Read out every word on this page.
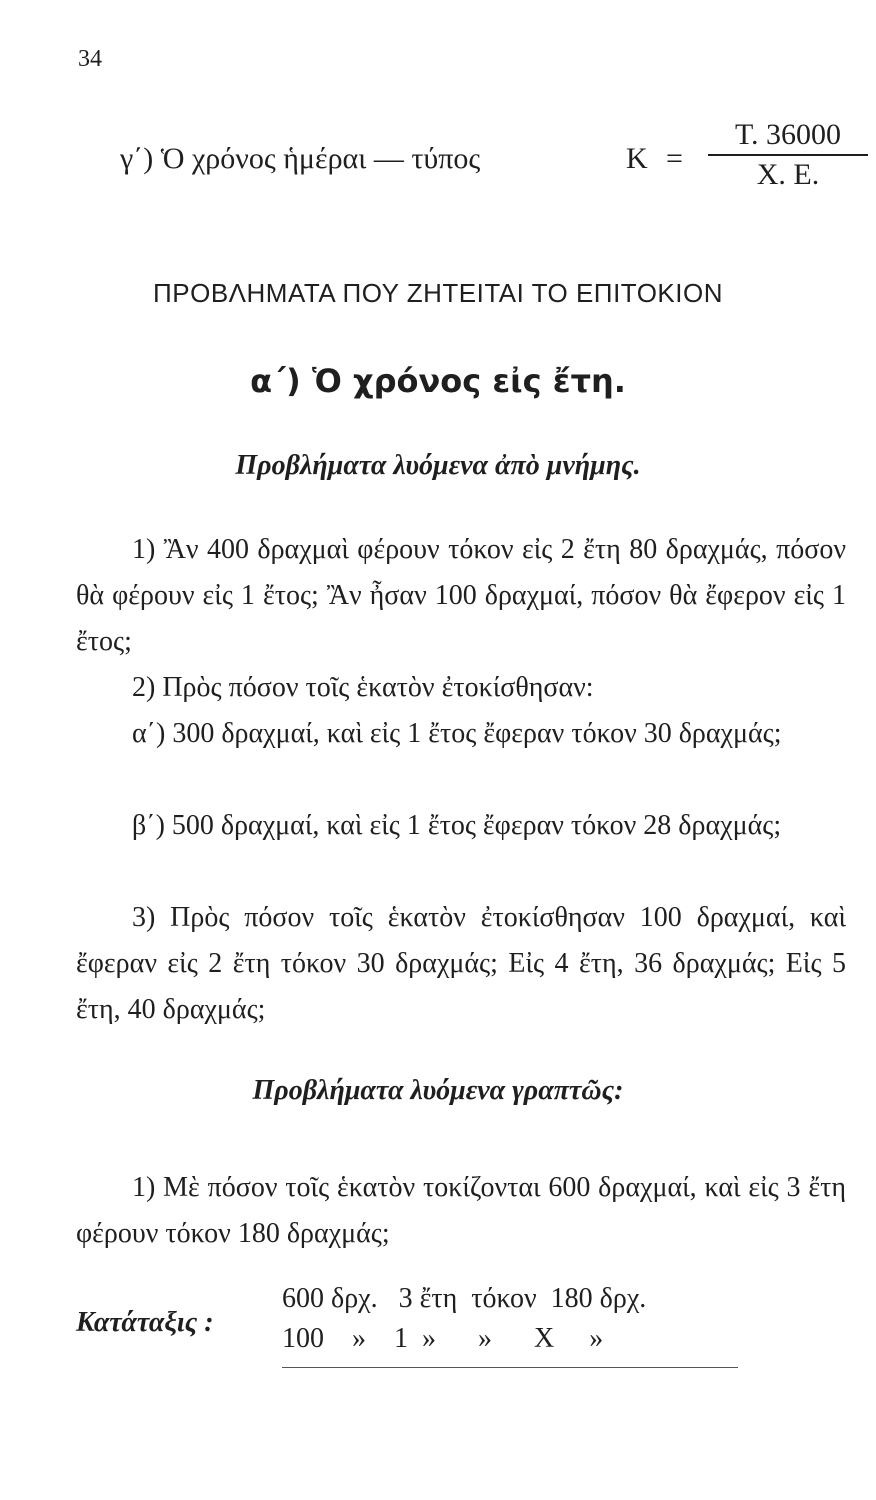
34
γ΄) Ὁ χρόνος ἡμέραι — τύπος	$K = \frac{T. 36000}{X. E.}$
ΠΡΟΒΛΗΜΑΤΑ ΠΟΥ ΖΗΤΕΙΤΑΙ ΤΟ ΕΠΙΤΟΚΙΟΝ
α΄) Ὁ χρόνος εἰς ἔτη.
Προβλήματα λυόμενα ἀπὸ μνήμης.
1) Ἂν 400 δραχμαὶ φέρουν τόκον εἰς 2 ἔτη 80 δραχμάς, πόσον θὰ φέρουν εἰς 1 ἔτος; Ἂν ἦσαν 100 δραχμαί, πόσον θὰ ἔφερον εἰς 1 ἔτος;
2) Πρὸς πόσον τοῖς ἑκατὸν ἐτοκίσθησαν:
α΄) 300 δραχμαί, καὶ εἰς 1 ἔτος ἔφεραν τόκον 30 δραχμάς;
β΄) 500 δραχμαί, καὶ εἰς 1 ἔτος ἔφεραν τόκον 28 δραχμάς;
3) Πρὸς πόσον τοῖς ἑκατὸν ἐτοκίσθησαν 100 δραχμαί, καὶ ἔφεραν εἰς 2 ἔτη τόκον 30 δραχμάς; Εἰς 4 ἔτη, 36 δραχμάς; Εἰς 5 ἔτη, 40 δραχμάς;
Προβλήματα λυόμενα γραπτῶς:
1) Μὲ πόσον τοῖς ἑκατὸν τοκίζονται 600 δραχμαί, καὶ εἰς 3 ἔτη φέρουν τόκον 180 δραχμάς;
Κατάταξις :
600 δρχ.   3 ἔτη  τόκον  180 δρχ.
100    »    1  »      »      Χ     »
